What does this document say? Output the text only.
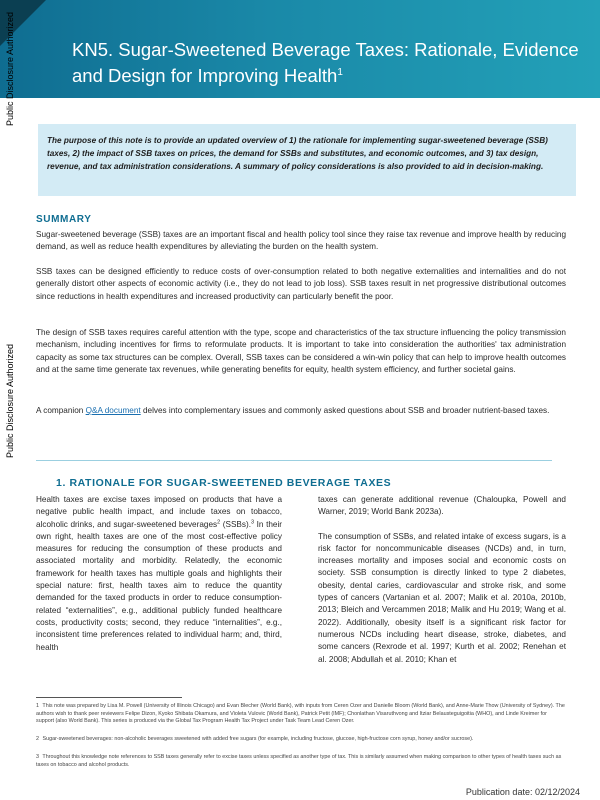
KN5. Sugar-Sweetened Beverage Taxes: Rationale, Evidence and Design for Improving Health$^1$
Public Disclosure Authorized
Public Disclosure Authorized

The purpose of this note is to provide an updated overview of 1) the rationale for implementing sugar-sweetened beverage (SSB) taxes, 2) the impact of SSB taxes on prices, the demand for SSBs and substitutes, and economic outcomes, and 3) tax design, revenue, and tax administration considerations. A summary of policy considerations is also provided to aid in decision-making.

SUMMARY

Sugar-sweetened beverage (SSB) taxes are an important fiscal and health policy tool since they raise tax revenue and improve health by reducing demand, as well as reduce health expenditures by alleviating the burden on the health system.

SSB taxes can be designed efficiently to reduce costs of over-consumption related to both negative externalities and internalities and do not generally distort other aspects of economic activity (i.e., they do not lead to job loss). SSB taxes result in net progressive distributional outcomes since reductions in health expenditures and increased productivity can particularly benefit the poor.

The design of SSB taxes requires careful attention with the type, scope and characteristics of the tax structure influencing the policy transmission mechanism, including incentives for firms to reformulate products. It is important to take into consideration the authorities' tax administration capacity as some tax structures can be complex. Overall, SSB taxes can be considered a win-win policy that can help to improve health outcomes and at the same time generate tax revenues, while generating benefits for equity, health system efficiency, and further societal gains.

A companion Q&A document delves into complementary issues and commonly asked questions about SSB and broader nutrient-based taxes.

1. RATIONALE FOR SUGAR-SWEETENED BEVERAGE TAXES

Health taxes are excise taxes imposed on products that have a negative public health impact, and include taxes on tobacco, alcoholic drinks, and sugar-sweetened beverages$^2$ (SSBs).$^3$ In their own right, health taxes are one of the most cost-effective policy measures for reducing the consumption of these products and associated mortality and morbidity. Relatedly, the economic framework for health taxes has multiple goals and highlights their special nature: first, health taxes aim to reduce the quantity demanded for the taxed products in order to reduce consumption-related “externalities”, e.g., additional publicly funded healthcare costs, productivity costs; second, they reduce “internalities”, e.g., inconsistent time preferences related to individual harm; and, third, health

taxes can generate additional revenue (Chaloupka, Powell and Warner, 2019; World Bank 2023a).

The consumption of SSBs, and related intake of excess sugars, is a risk factor for noncommunicable diseases (NCDs) and, in turn, increases mortality and imposes social and economic costs on society. SSB consumption is directly linked to type 2 diabetes, obesity, dental caries, cardiovascular and stroke risk, and some types of cancers (Vartanian et al. 2007; Malik et al. 2010a, 2010b, 2013; Bleich and Vercammen 2018; Malik and Hu 2019; Wang et al. 2022). Additionally, obesity itself is a significant risk factor for numerous NCDs including heart disease, stroke, diabetes, and some cancers (Rexrode et al. 1997; Kurth et al. 2002; Renehan et al. 2008; Abdullah et al. 2010; Khan et

1 This note was prepared by Lisa M. Powell (University of Illinois Chicago) and Evan Blecher (World Bank), with inputs from Ceren Ozer and Danielle Bloom (World Bank), and Anne-Marie Thow (University of Sydney). The authors wish to thank peer reviewers Felipe Dizon, Kyoko Shibata Okamura, and Violeta Vulovic (World Bank), Patrick Petit (IMF); Chonlathan Visaruthvong and Itziar Belausteguigoitia (WHO), and Linde Kreimer for support (also World Bank). This series is produced via the Global Tax Program Health Tax Project under Task Team Lead Ceren Ozer.

2 Sugar-sweetened beverages: non-alcoholic beverages sweetened with added free sugars (for example, including fructose, glucose, high-fructose corn syrup, honey and/or sucrose).

3 Throughout this knowledge note references to SSB taxes generally refer to excise taxes unless specified as another type of tax. This is similarly assumed when making comparison to other types of health taxes such as taxes on tobacco and alcohol products.

Publication date: 02/12/2024
